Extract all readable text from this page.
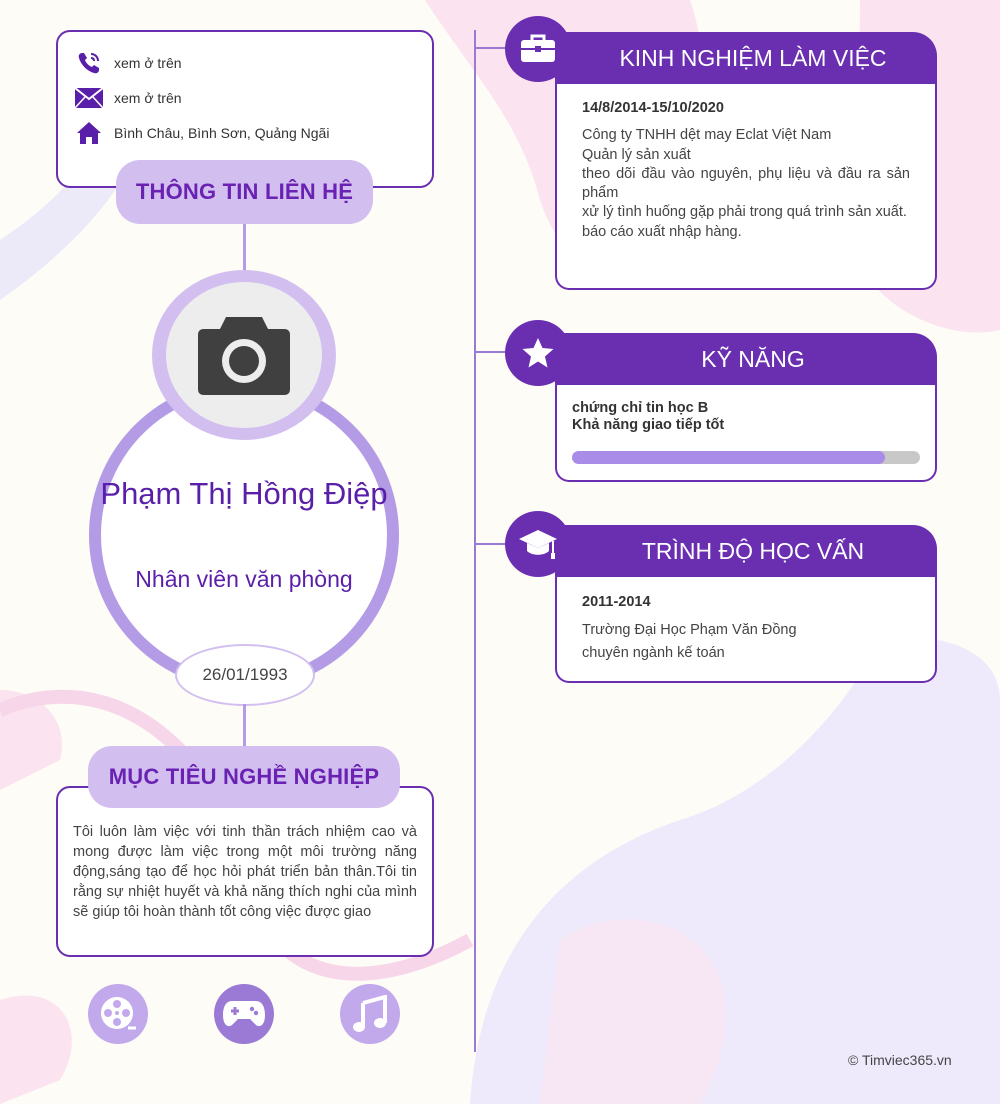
xem ở trên
xem ở trên
Bình Châu, Bình Sơn, Quảng Ngãi
THÔNG TIN LIÊN HỆ
Phạm Thị Hồng Điệp
Nhân viên văn phòng
26/01/1993

Tôi luôn làm việc với tinh thần trách nhiệm cao và mong được làm việc trong một môi trường năng động,sáng tạo để học hỏi phát triển bản thân.Tôi tin rằng sự nhiệt huyết và khả năng thích nghi của mình sẽ giúp tôi hoàn thành tốt công việc được giao

MỤC TIÊU NGHỀ NGHIỆP
KINH NGHIỆM LÀM VIỆC
14/8/2014-15/10/2020
Công ty TNHH dệt may Eclat Việt Nam
Quản lý sản xuất
theo dõi đầu vào nguyên, phụ liệu và đầu ra sản phẩm
xử lý tình huống gặp phải trong quá trình sản xuất.
báo cáo xuất nhập hàng.
KỸ NĂNG
chứng chỉ tin học B
Khả năng giao tiếp tốt
TRÌNH ĐỘ HỌC VẤN
2011-2014
Trường Đại Học Phạm Văn Đồng
chuyên ngành kế toán
© Timviec365.vn
